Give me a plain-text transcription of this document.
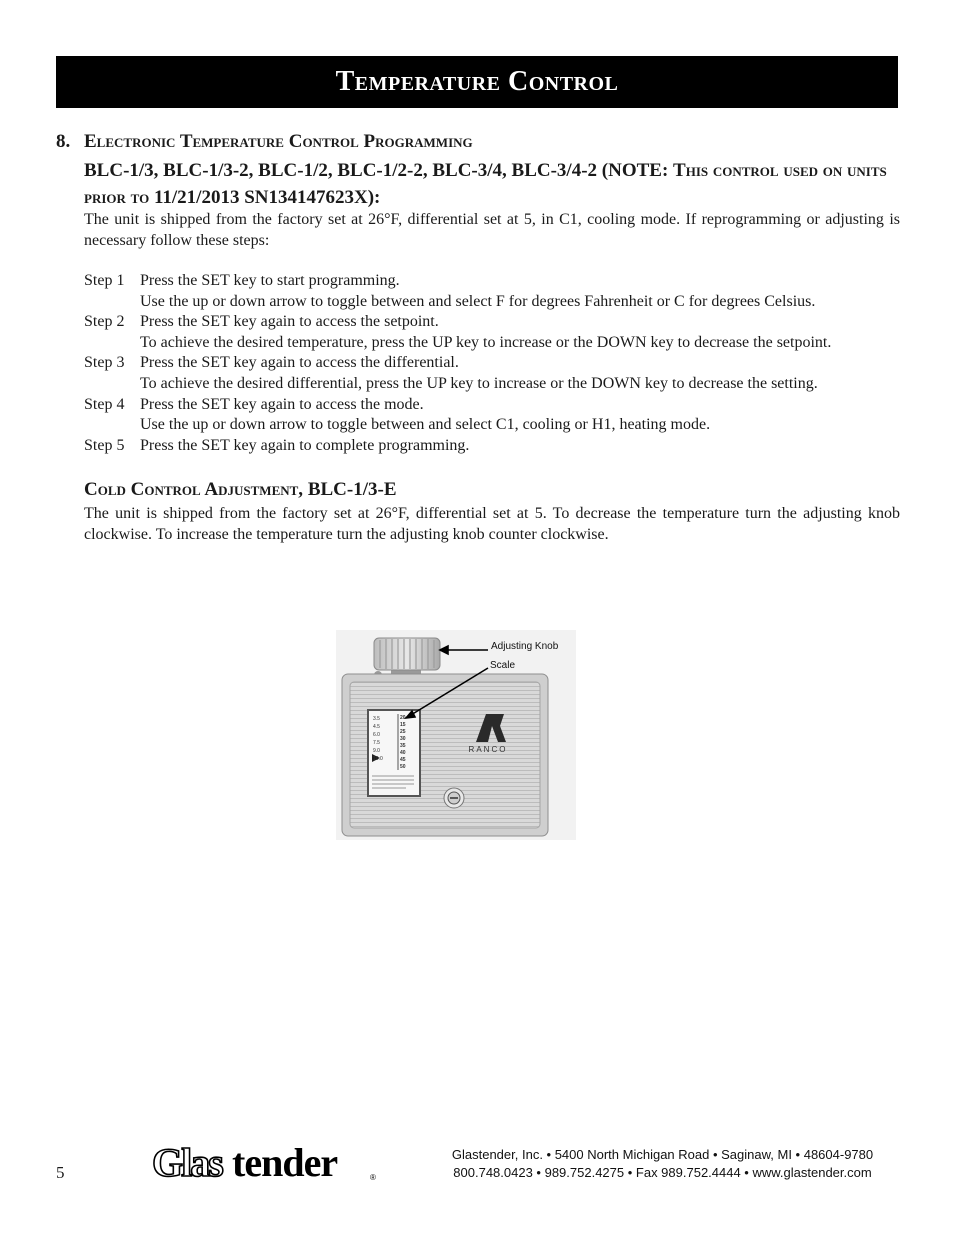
Temperature Control
8. Electronic Temperature Control Programming

BLC-1/3, BLC-1/3-2, BLC-1/2, BLC-1/2-2, BLC-3/4, BLC-3/4-2 (NOTE: This control used on units prior to 11/21/2013 SN134147623X):

The unit is shipped from the factory set at 26°F, differential set at 5, in C1, cooling mode. If reprogramming or adjusting is necessary follow these steps:

Step 1 Press the SET key to start programming.
Use the up or down arrow to toggle between and select F for degrees Fahrenheit or C for degrees Celsius.
Step 2 Press the SET key again to access the setpoint.
To achieve the desired temperature, press the UP key to increase or the DOWN key to decrease the setpoint.
Step 3 Press the SET key again to access the differential.
To achieve the desired differential, press the UP key to increase or the DOWN key to decrease the setting.
Step 4 Press the SET key again to access the mode.
Use the up or down arrow to toggle between and select C1, cooling or H1, heating mode.
Step 5 Press the SET key again to complete programming.
Cold Control Adjustment, BLC-1/3-E

The unit is shipped from the factory set at 26°F, differential set at 5. To decrease the temperature turn the adjusting knob clockwise. To increase the temperature turn the adjusting knob counter clockwise.

3.5
4.5
6.0
7.5
9.0
10.0
20
15
25
30
35
40
45
50
RANCO
Adjusting Knob
Scale
5 Glas tender	®
Glastender, Inc. • 5400 North Michigan Road • Saginaw, MI • 48604-9780
800.748.0423 • 989.752.4275 • Fax 989.752.4444 • www.glastender.com
